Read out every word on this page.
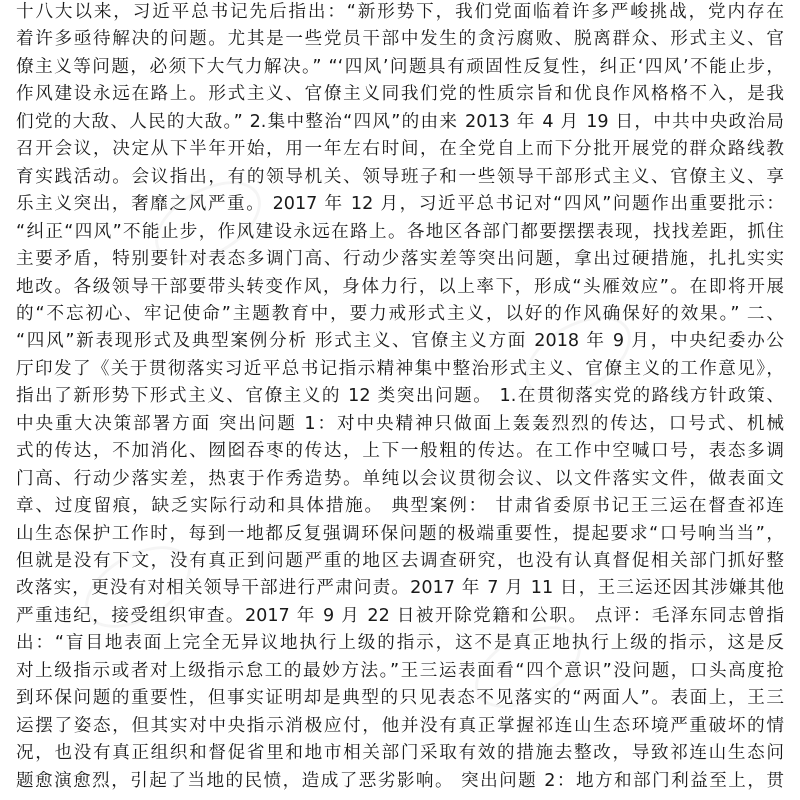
十八大以来，习近平总书记先后指出：“新形势下，我们党面临着许多严峻挑战，党内存在
着许多亟待解决的问题。尤其是一些党员干部中发生的贪污腐败、脱离群众、形式主义、官
僚主义等问题，必须下大气力解决。” “‘四风’问题具有顽固性反复性，纠正‘四风’不能止步，
作风建设永远在路上。形式主义、官僚主义同我们党的性质宗旨和优良作风格格不入，是我
们党的大敌、人民的大敌。” 2.集中整治“四风”的由来 2013 年 4 月 19 日，中共中央政治局
召开会议，决定从下半年开始，用一年左右时间，在全党自上而下分批开展党的群众路线教
育实践活动。会议指出，有的领导机关、领导班子和一些领导干部形式主义、官僚主义、享
乐主义突出，奢靡之风严重。 2017 年 12 月，习近平总书记对“四风”问题作出重要批示：
“纠正“四风”不能止步，作风建设永远在路上。各地区各部门都要摆摆表现，找找差距，抓住
主要矛盾，特别要针对表态多调门高、行动少落实差等突出问题，拿出过硬措施，扎扎实实
地改。各级领导干部要带头转变作风，身体力行，以上率下，形成“头雁效应”。在即将开展
的“不忘初心、牢记使命”主题教育中，要力戒形式主义，以好的作风确保好的效果。” 二、
“四风”新表现形式及典型案例分析 形式主义、官僚主义方面 2018 年 9 月，中央纪委办公
厅印发了《关于贯彻落实习近平总书记指示精神集中整治形式主义、官僚主义的工作意见》，
指出了新形势下形式主义、官僚主义的 12 类突出问题。 1.在贯彻落实党的路线方针政策、
中央重大决策部署方面 突出问题 1：对中央精神只做面上轰轰烈烈的传达，口号式、机械
式的传达，不加消化、囫囵吞枣的传达，上下一般粗的传达。在工作中空喊口号，表态多调
门高、行动少落实差，热衷于作秀造势。单纯以会议贯彻会议、以文件落实文件，做表面文
章、过度留痕，缺乏实际行动和具体措施。 典型案例： 甘肃省委原书记王三运在督查祁连
山生态保护工作时，每到一地都反复强调环保问题的极端重要性，提起要求“口号响当当”，
但就是没有下文，没有真正到问题严重的地区去调查研究，也没有认真督促相关部门抓好整
改落实，更没有对相关领导干部进行严肃问责。2017 年 7 月 11 日，王三运还因其涉嫌其他
严重违纪，接受组织审查。2017 年 9 月 22 日被开除党籍和公职。 点评：毛泽东同志曾指
出：“盲目地表面上完全无异议地执行上级的指示，这不是真正地执行上级的指示，这是反
对上级指示或者对上级指示怠工的最妙方法。”王三运表面看“四个意识”没问题，口头高度抢
到环保问题的重要性，但事实证明却是典型的只见表态不见落实的“两面人”。表面上，王三
运摆了姿态，但其实对中央指示消极应付，他并没有真正掌握祁连山生态环境严重破坏的情
况，也没有真正组织和督促省里和地市相关部门采取有效的措施去整改，导致祁连山生态问
题愈演愈烈，引起了当地的民愤，造成了恶劣影响。 突出问题 2：地方和部门利益至上，贯
